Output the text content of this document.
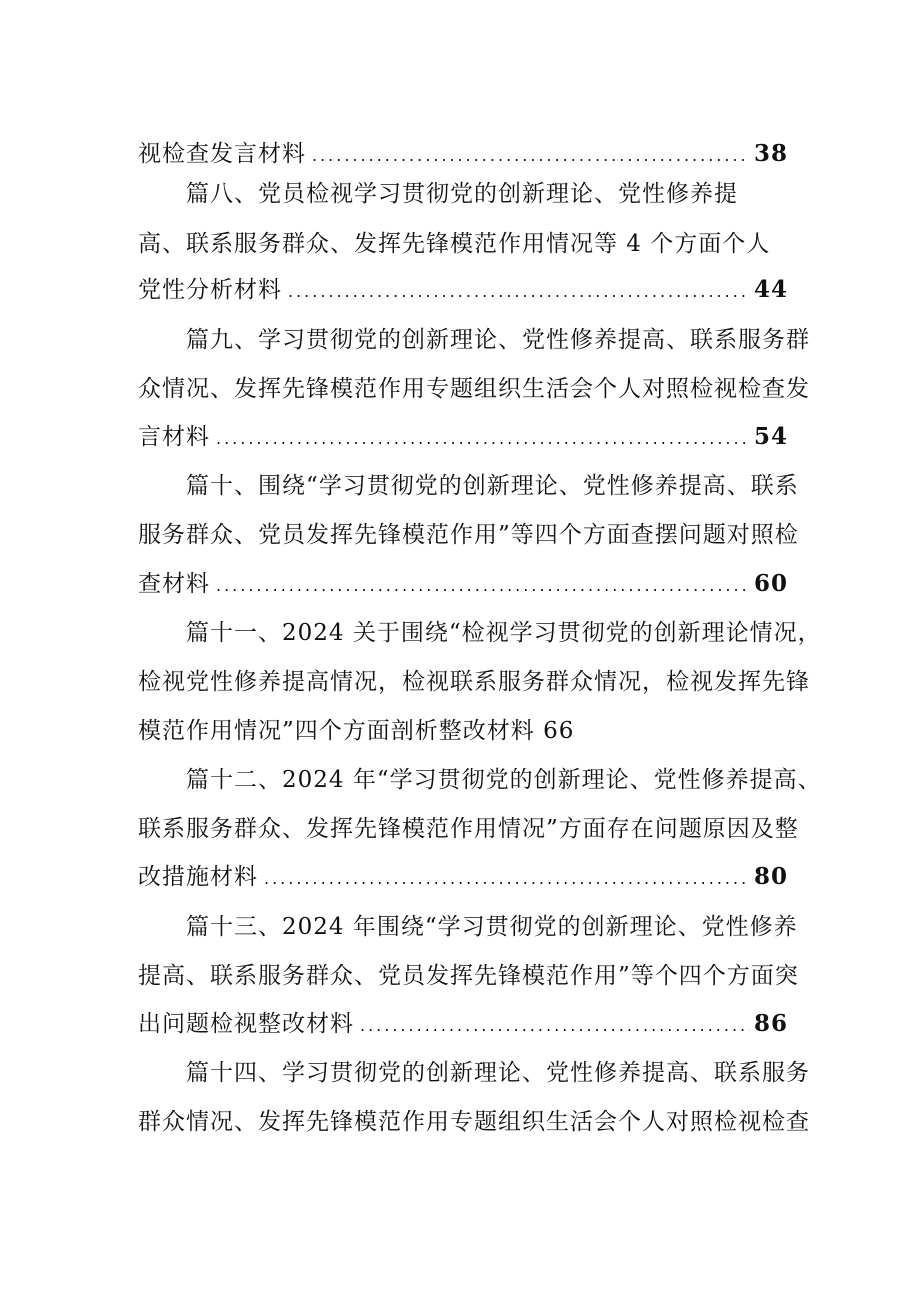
视检查发言材料 .....	38
篇八、党员检视学习贯彻党的创新理论、党性修养提
高、联系服务群众、发挥先锋模范作用情况等 4 个方面个人
党性分析材料 .....	44
篇九、学习贯彻党的创新理论、党性修养提高、联系服务群
众情况、发挥先锋模范作用专题组织生活会个人对照检视检查发
言材料 .....	54
篇十、围绕“学习贯彻党的创新理论、党性修养提高、联系
服务群众、党员发挥先锋模范作用”等四个方面查摆问题对照检
查材料 .....	60
篇十一、2024 关于围绕“检视学习贯彻党的创新理论情况，
检视党性修养提高情况，检视联系服务群众情况，检视发挥先锋
模范作用情况”四个方面剖析整改材料 66
篇十二、2024 年“学习贯彻党的创新理论、党性修养提高、
联系服务群众、发挥先锋模范作用情况”方面存在问题原因及整
改措施材料 .....	80
篇十三、2024 年围绕“学习贯彻党的创新理论、党性修养
提高、联系服务群众、党员发挥先锋模范作用”等个四个方面突
出问题检视整改材料 .....	86
篇十四、学习贯彻党的创新理论、党性修养提高、联系服务
群众情况、发挥先锋模范作用专题组织生活会个人对照检视检查
